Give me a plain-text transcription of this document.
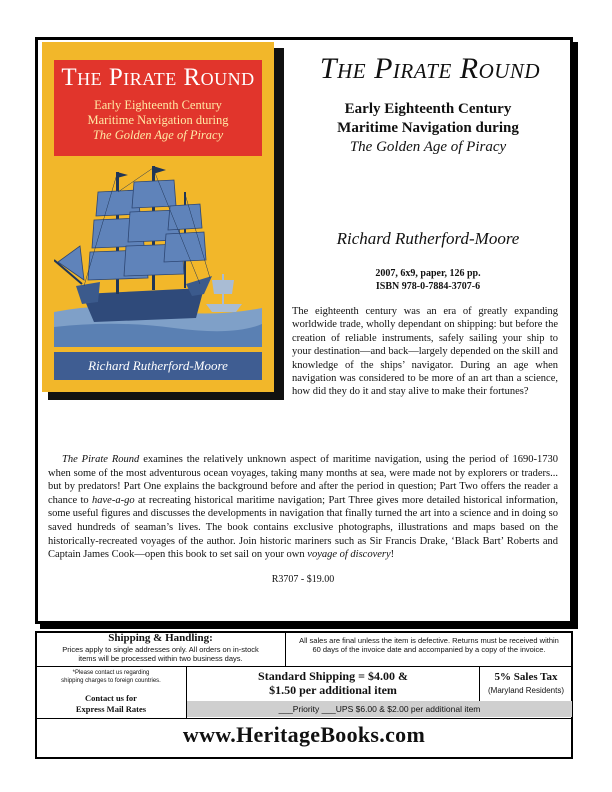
The Pirate Round
Early Eighteenth Century
Maritime Navigation during
The Golden Age of Piracy
Richard Rutherford-Moore
The Pirate Round
Early Eighteenth Century
Maritime Navigation during
The Golden Age of Piracy
Richard Rutherford-Moore
2007, 6x9, paper, 126 pp.
ISBN 978-0-7884-3707-6
The eighteenth century was an era of greatly expanding worldwide trade, wholly dependant on shipping: but before the creation of reliable instruments, safely sailing your ship to your destination—and back—largely depended on the skill and knowledge of the ships’ navigator. During an age when navigation was considered to be more of an art than a science, how did they do it and stay alive to make their fortunes?
The Pirate Round examines the relatively unknown aspect of maritime navigation, using the period of 1690-1730 when some of the most adventurous ocean voyages, taking many months at sea, were made not by explorers or traders... but by predators! Part One explains the background before and after the period in question; Part Two offers the reader a chance to have-a-go at recreating historical maritime navigation; Part Three gives more detailed historical information, some useful figures and discusses the developments in navigation that finally turned the art into a science and in doing so saved hundreds of seaman’s lives. The book contains exclusive photographs, illustrations and maps based on the historically-recreated voyages of the author. Join historic mariners such as Sir Francis Drake, ‘Black Bart’ Roberts and Captain James Cook—open this book to set sail on your own voyage of discovery!
R3707 - $19.00
Shipping & Handling:
Prices apply to single addresses only. All orders on in-stock
items will be processed within two business days.
All sales are final unless the item is defective. Returns must be received within
60 days of the invoice date and accompanied by a copy of the invoice.
*Please contact us regarding
shipping charges to foreign countries.
Contact us for
Express Mail Rates
Standard Shipping = $4.00 &
$1.50 per additional item
5% Sales Tax
(Maryland Residents)
___Priority ___UPS $6.00 & $2.00 per additional item
www.HeritageBooks.com
